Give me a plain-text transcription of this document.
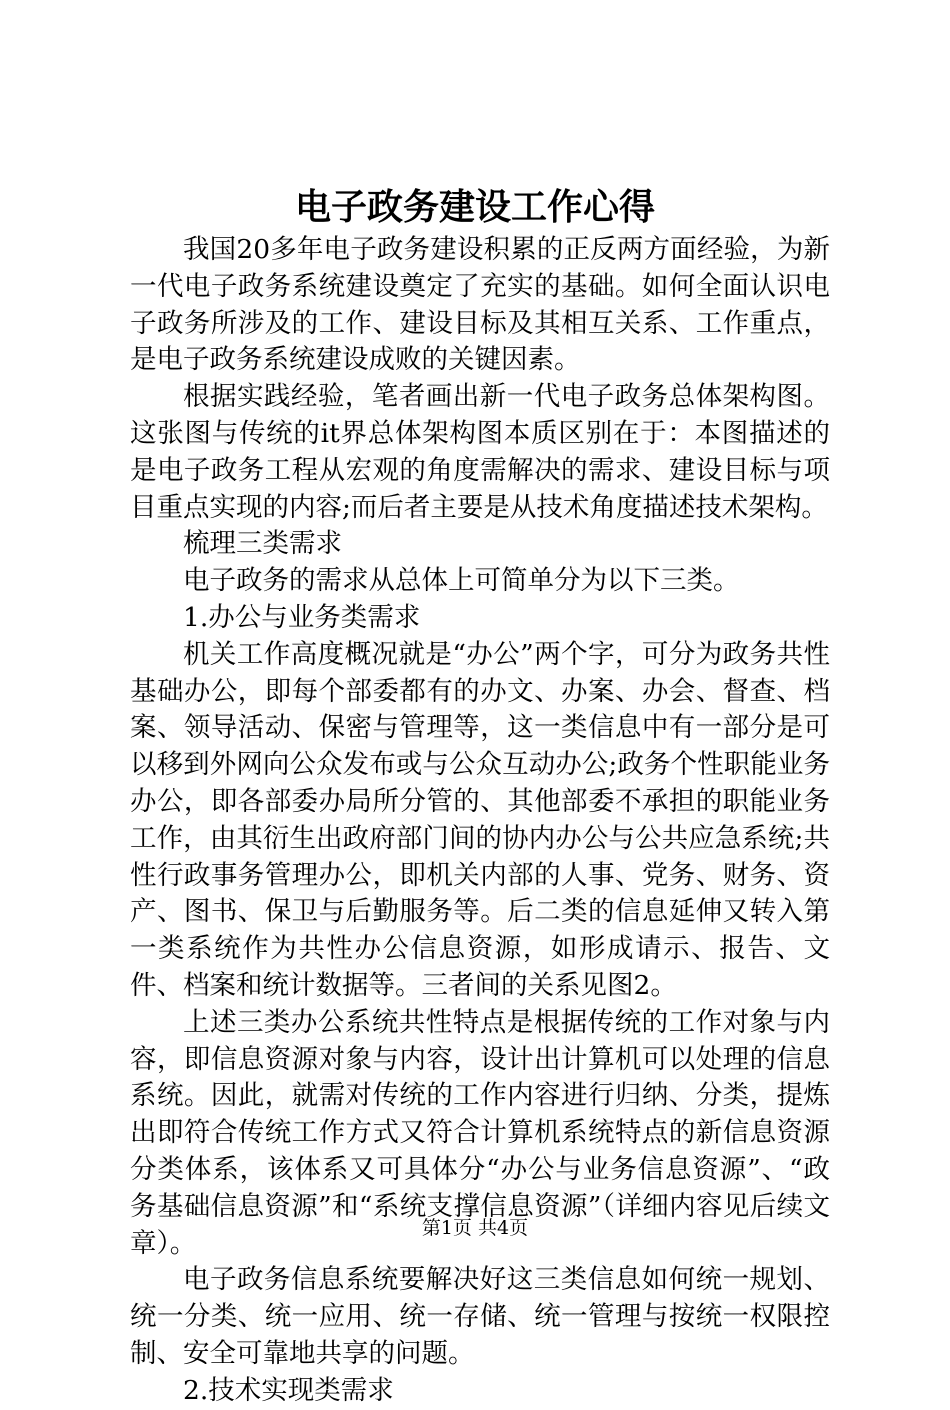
电子政务建设工作心得

我国20多年电子政务建设积累的正反两方面经验，为新一代电子政务系统建设奠定了充实的基础。如何全面认识电子政务所涉及的工作、建设目标及其相互关系、工作重点，是电子政务系统建设成败的关键因素。

根据实践经验，笔者画出新一代电子政务总体架构图。这张图与传统的it界总体架构图本质区别在于：本图描述的是电子政务工程从宏观的角度需解决的需求、建设目标与项目重点实现的内容;而后者主要是从技术角度描述技术架构。

梳理三类需求

电子政务的需求从总体上可简单分为以下三类。

1.办公与业务类需求

机关工作高度概况就是“办公”两个字，可分为政务共性基础办公，即每个部委都有的办文、办案、办会、督查、档案、领导活动、保密与管理等，这一类信息中有一部分是可以移到外网向公众发布或与公众互动办公;政务个性职能业务办公，即各部委办局所分管的、其他部委不承担的职能业务工作，由其衍生出政府部门间的协内办公与公共应急系统;共性行政事务管理办公，即机关内部的人事、党务、财务、资产、图书、保卫与后勤服务等。后二类的信息延伸又转入第一类系统作为共性办公信息资源，如形成请示、报告、文件、档案和统计数据等。三者间的关系见图2。

上述三类办公系统共性特点是根据传统的工作对象与内容，即信息资源对象与内容，设计出计算机可以处理的信息系统。因此，就需对传统的工作内容进行归纳、分类，提炼出即符合传统工作方式又符合计算机系统特点的新信息资源分类体系，该体系又可具体分“办公与业务信息资源”、“政务基础信息资源”和“系统支撑信息资源”（详细内容见后续文章）。

电子政务信息系统要解决好这三类信息如何统一规划、统一分类、统一应用、统一存储、统一管理与按统一权限控制、安全可靠地共享的问题。

2.技术实现类需求

第1页 共4页
